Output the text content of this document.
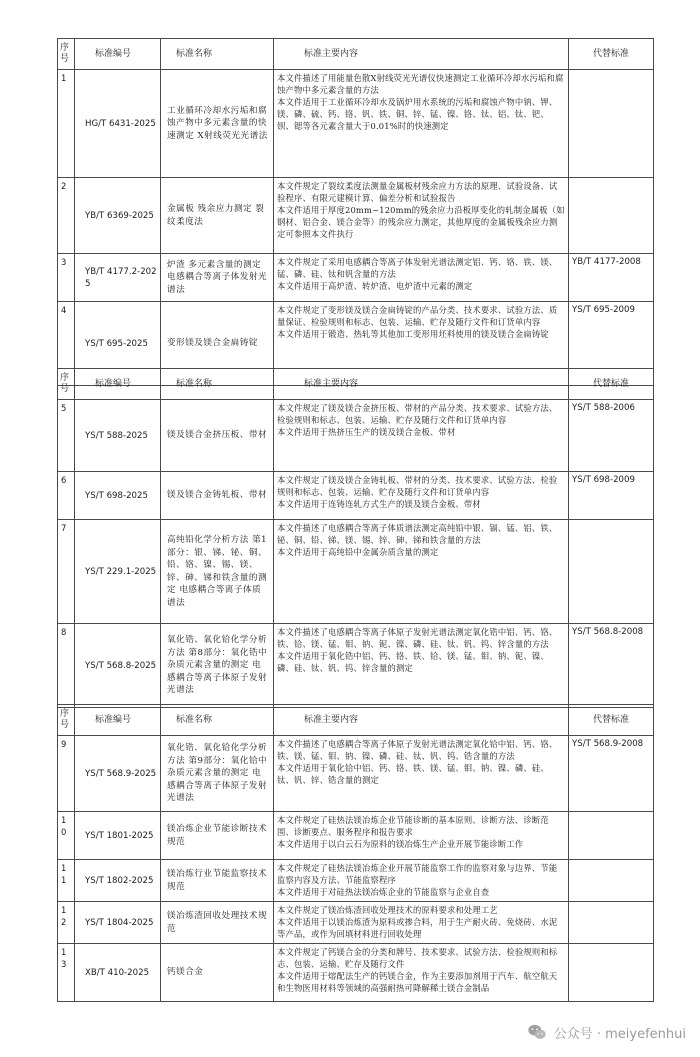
序号	标准编号	标准名称	标准主要内容	代替标准
1	HG/T 6431-2025	工业循环冷却水污垢和腐蚀产物中多元素含量的快速测定 X射线荧光光谱法	本文件描述了用能量色散X射线荧光光谱仪快速测定工业循环冷却水污垢和腐蚀产物中多元素含量的方法
本文件适用于工业循环冷却水及锅炉用水系统的污垢和腐蚀产物中钠、钾、镁、磷、硫、钙、铬、钒、铁、铜、锌、锰、镍、铬、钛、铝、钛、钯、钡、锶等各元素含量大于0.01%时的快速测定	
2	YB/T 6369-2025	金属板 残余应力测定 裂纹柔度法	本文件规定了裂纹柔度法测量金属板材残余应力方法的原理、试验设备、试验程序、有限元建模计算、偏差分析和试验报告
本文件适用于厚度20mm~120mm的残余应力沿板厚变化的轧制金属板（如钢材、铝合金、镁合金等）的残余应力测定，其他厚度的金属板残余应力测定可参照本文件执行	
3	YB/T 4177.2-2025	炉渣 多元素含量的测定 电感耦合等离子体发射光谱法	本文件规定了采用电感耦合等离子体发射光谱法测定铝、钙、铬、铁、镁、锰、磷、硅、钛和钒含量的方法
本文件适用于高炉渣、转炉渣、电炉渣中元素的测定	YB/T 4177-2008
4	YS/T 695-2025	变形镁及镁合金扁铸锭	本文件规定了变形镁及镁合金扁铸锭的产品分类、技术要求、试验方法、质量保证、检验规则和标志、包装、运输、贮存及随行文件和订货单内容
本文件适用于锻造、热轧等其他加工变形用坯料使用的镁及镁合金扁铸锭	YS/T 695-2009
序号	标准编号	标准名称	标准主要内容	代替标准
5	YS/T 588-2025	镁及镁合金挤压板、带材	本文件规定了镁及镁合金挤压板、带材的产品分类、技术要求、试验方法、检验规则和标志、包装、运输、贮存及随行文件和订货单内容
本文件适用于热挤压生产的镁及镁合金板、带材	YS/T 588-2006
6	YS/T 698-2025	镁及镁合金铸轧板、带材	本文件规定了镁及镁合金铸轧板、带材的分类、技术要求、试验方法、检验规则和标志、包装、运输、贮存及随行文件和订货单内容
本文件适用于连铸连轧方式生产的镁及镁合金板、带材	YS/T 698-2009
7	YS/T 229.1-2025	高纯铅化学分析方法 第1部分：银、锑、铋、铜、铅、铬、镍、锡、镁、锌、砷、锑和铁含量的测定 电感耦合等离子体质谱法	本文件描述了电感耦合等离子体质谱法测定高纯铅中银、镉、锰、铝、铁、铋、铜、铅、锑、镁、锡、锌、砷、锑和铁含量的方法
本文件适用于高纯铅中金属杂质含量的测定	
8	YS/T 568.8-2025	氧化锆、氧化铪化学分析方法 第8部分：氧化锆中杂质元素含量的测定 电感耦合等离子体原子发射光谱法	本文件描述了电感耦合等离子体原子发射光谱法测定氧化锆中铝、钙、铬、铁、铪、镁、锰、钼、钠、铌、镍、磷、硅、钛、钒、钨、锌含量的方法
本文件适用于氧化锆中铝、钙、铬、铁、铪、镁、锰、钼、钠、铌、镍、磷、硅、钛、钒、钨、锌含量的测定	YS/T 568.8-2008
序号	标准编号	标准名称	标准主要内容	代替标准
9	YS/T 568.9-2025	氧化锆、氧化铪化学分析方法 第9部分：氧化铪中杂质元素含量的测定 电感耦合等离子体原子发射光谱法	本文件描述了电感耦合等离子体原子发射光谱法测定氧化铪中铝、钙、铬、铁、镁、锰、钼、钠、镍、磷、硅、钛、钒、钨、锆含量的方法
本文件适用于氧化铪中铝、钙、铬、铁、镁、锰、钼、钠、镍、磷、硅、钛、钒、锌、锆含量的测定	YS/T 568.9-2008
10	YS/T 1801-2025	镁冶炼企业节能诊断技术规范	本文件规定了硅热法镁冶炼企业节能诊断的基本原则、诊断方法、诊断范围、诊断要点、服务程序和报告要求
本文件适用于以白云石为原料的镁冶炼生产企业开展节能诊断工作	
11	YS/T 1802-2025	镁冶炼行业节能监察技术规范	本文件规定了硅热法镁冶炼企业开展节能监察工作的监察对象与边界、节能监察内容及方法、节能监察程序
本文件适用于对硅热法镁冶炼企业的节能监察与企业自查	
12	YS/T 1804-2025	镁冶炼渣回收处理技术规范	本文件规定了镁冶炼渣回收处理技术的原料要求和处理工艺
本文件适用于以镁冶炼渣为原料或掺合料，用于生产耐火砖、免烧砖、水泥等产品，或作为回填材料进行回收处理	
13	XB/T 410-2025	钙镁合金	本文件规定了钙镁合金的分类和牌号、技术要求、试验方法、检验规则和标志、包装、运输、贮存及随行文件
本文件适用于熔配法生产的钙镁合金，作为主要添加剂用于汽车、航空航天和生物医用材料等领域的高强耐热可降解稀土镁合金制品	
公众号 · meiyefenhui
